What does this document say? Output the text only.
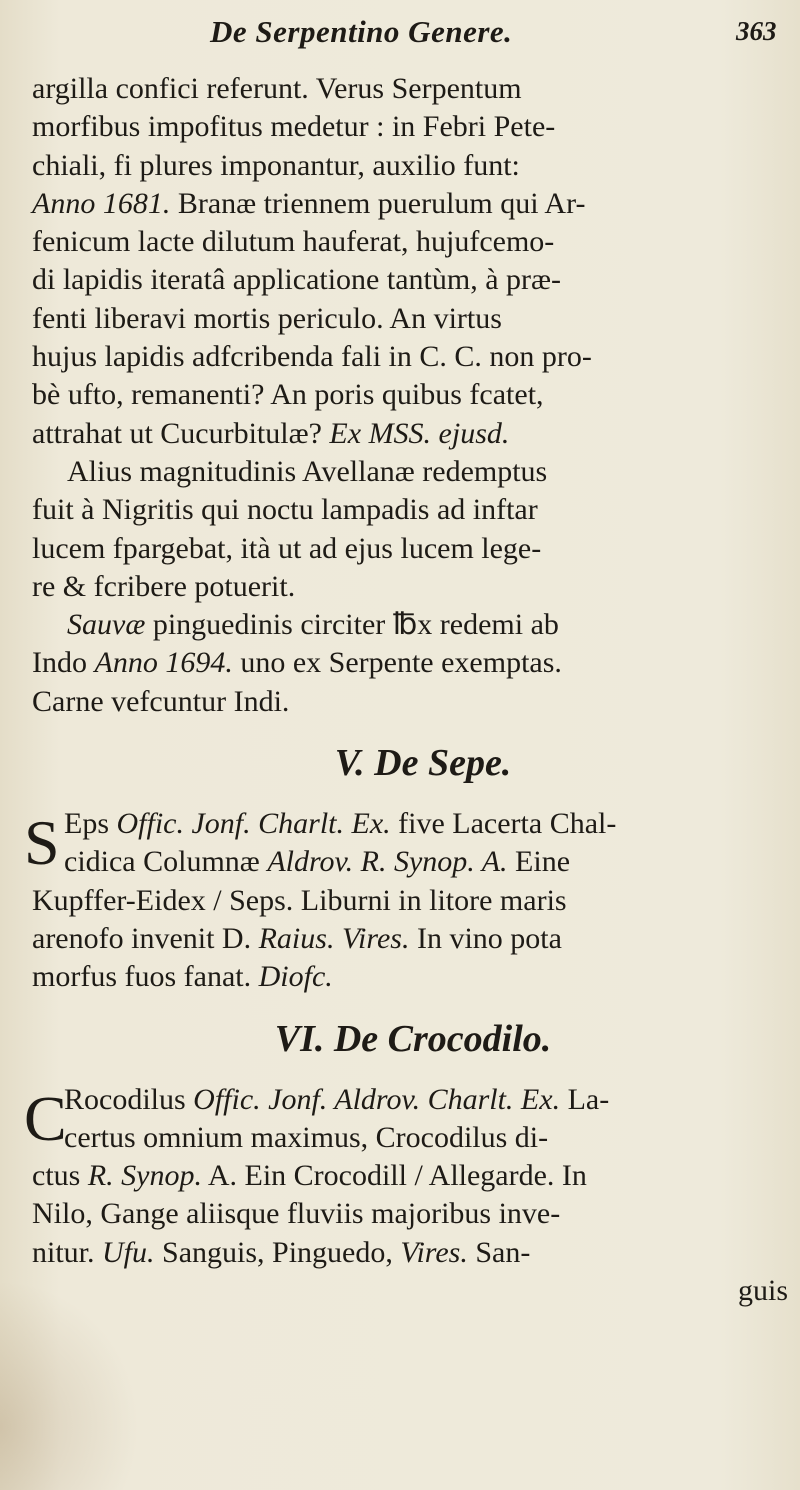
De Serpentino Genere.	363
argilla confici referunt. Verus Serpentum
morfibus impofitus medetur : in Febri Pete-
chiali, fi plures imponantur, auxilio funt:
Anno 1681. Branæ triennem puerulum qui Ar-
fenicum lacte dilutum hauferat, hujufcemo-
di lapidis iteratâ applicatione tantùm, à præ-
fenti liberavi mortis periculo. An virtus
hujus lapidis adfcribenda fali in C. C. non pro-
bè ufto, remanenti? An poris quibus fcatet,
attrahat ut Cucurbitulæ? Ex MSS. ejusd.
Alius magnitudinis Avellanæ redemptus
fuit à Nigritis qui noctu lampadis ad inftar
lucem fpargebat, ità ut ad ejus lucem lege-
re & fcribere potuerit.
Sauvæ pinguedinis circiter ℔x redemi ab
Indo Anno 1694. uno ex Serpente exemptas.
Carne vefcuntur Indi.
V. De Sepe.
S Eps Offic. Jonf. Charlt. Ex. five Lacerta Chal-
cidica Columnæ Aldrov. R. Synop. A. Eine
Kupffer-Eidex / Seps. Liburni in litore maris
arenofo invenit D. Raius. Vires. In vino pota
morfus fuos fanat. Diofc.
VI. De Crocodilo.
C
Rocodilus Offic. Jonf. Aldrov. Charlt. Ex. La-
certus omnium maximus, Crocodilus di-
ctus R. Synop. A. Ein Crocodill / Allegarde. In
Nilo, Gange aliisque fluviis majoribus inve-
nitur. Ufu. Sanguis, Pinguedo, Vires. San-
guis
